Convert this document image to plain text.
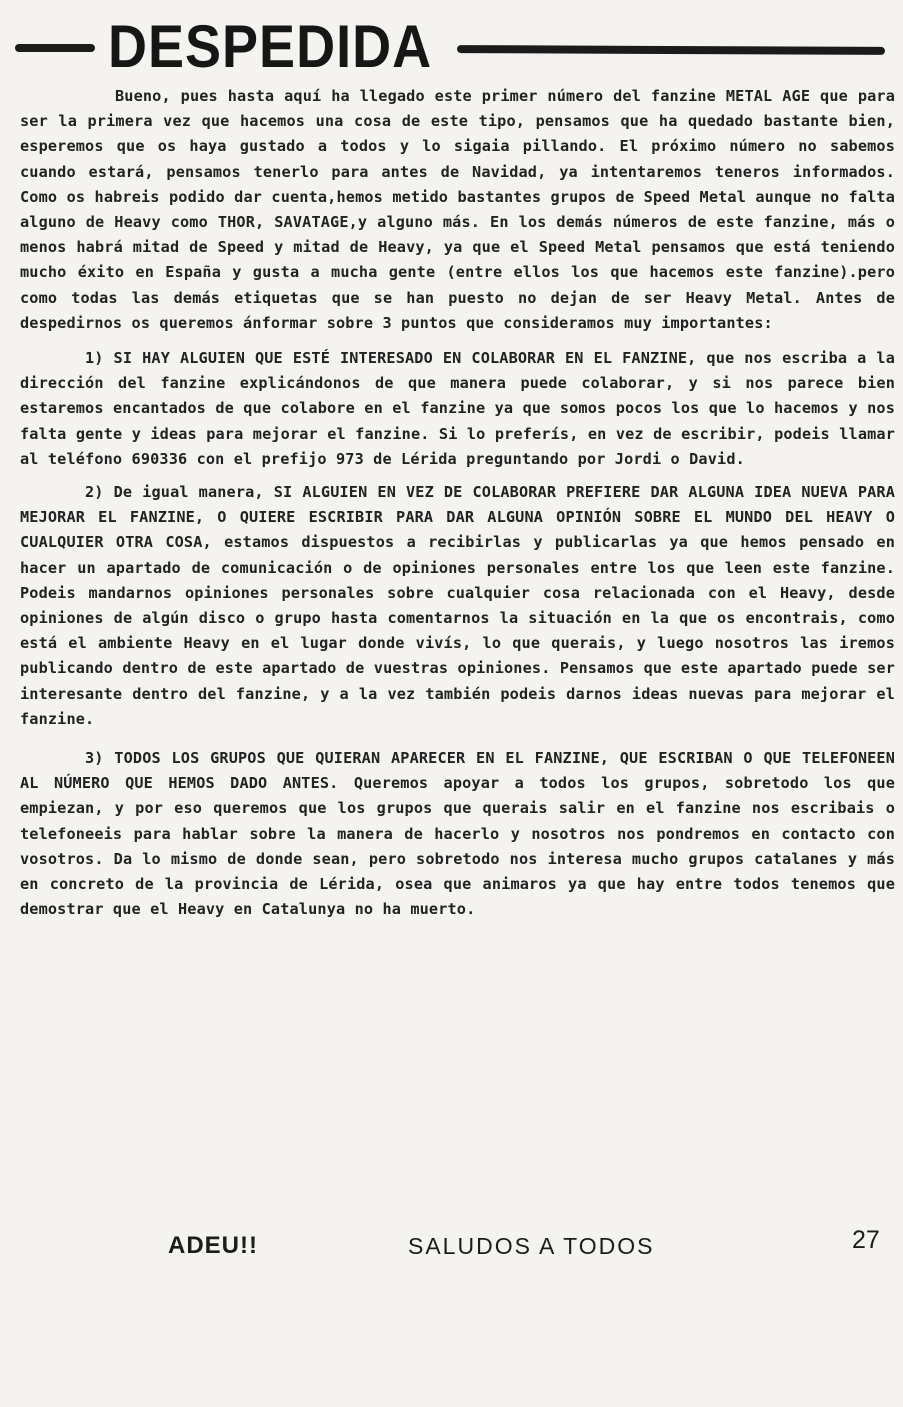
DESPEDIDA

Bueno, pues hasta aquí ha llegado este primer número del fanzine METAL AGE que para ser la primera vez que hacemos una cosa de este tipo, pensamos que ha quedado bastante bien, esperemos que os haya gustado a todos y lo sigaia pillando. El próximo número no sabemos cuando estará, pensamos tenerlo para antes de Navidad, ya intentaremos teneros informados. Como os habreis podido dar cuenta,hemos metido bastantes grupos de Speed Metal aunque no falta alguno de Heavy como THOR, SAVATAGE,y alguno más. En los demás números de este fanzine, más o menos habrá mitad de Speed y mitad de Heavy, ya que el Speed Metal pensamos que está teniendo mucho éxito en España y gusta a mucha gente (entre ellos los que hacemos este fanzine).pero como todas las demás etiquetas que se han puesto no dejan de ser Heavy Metal. Antes de despedirnos os queremos ánformar sobre 3 puntos que consideramos muy importantes:

1) SI HAY ALGUIEN QUE ESTÉ INTERESADO EN COLABORAR EN EL FANZINE, que nos escriba a la dirección del fanzine explicándonos de que manera puede colaborar, y si nos parece bien estaremos encantados de que colabore en el fanzine ya que somos pocos los que lo hacemos y nos falta gente y ideas para mejorar el fanzine. Si lo preferís, en vez de escribir, podeis llamar al teléfono 690336 con el prefijo 973 de Lérida preguntando por Jordi o David.

2) De igual manera, SI ALGUIEN EN VEZ DE COLABORAR PREFIERE DAR ALGUNA IDEA NUEVA PARA MEJORAR EL FANZINE, O QUIERE ESCRIBIR PARA DAR ALGUNA OPINIÓN SOBRE EL MUNDO DEL HEAVY O CUALQUIER OTRA COSA, estamos dispuestos a recibirlas y publicarlas ya que hemos pensado en hacer un apartado de comunicación o de opiniones personales entre los que leen este fanzine. Podeis mandarnos opiniones personales sobre cualquier cosa relacionada con el Heavy, desde opiniones de algún disco o grupo hasta comentarnos la situación en la que os encontrais, como está el ambiente Heavy en el lugar donde vivís, lo que querais, y luego nosotros las iremos publicando dentro de este apartado de vuestras opiniones. Pensamos que este apartado puede ser interesante dentro del fanzine, y a la vez también podeis darnos ideas nuevas para mejorar el fanzine.

3) TODOS LOS GRUPOS QUE QUIERAN APARECER EN EL FANZINE, QUE ESCRIBAN O QUE TELEFONEEN AL NÚMERO QUE HEMOS DADO ANTES. Queremos apoyar a todos los grupos, sobretodo los que empiezan, y por eso queremos que los grupos que querais salir en el fanzine nos escribais o telefoneeis para hablar sobre la manera de hacerlo y nosotros nos pondremos en contacto con vosotros. Da lo mismo de donde sean, pero sobretodo nos interesa mucho grupos catalanes y más en concreto de la provincia de Lérida, osea que animaros ya que hay entre todos tenemos que demostrar que el Heavy en Catalunya no ha muerto.

ADEU!!	SALUDOS A TODOS	27
